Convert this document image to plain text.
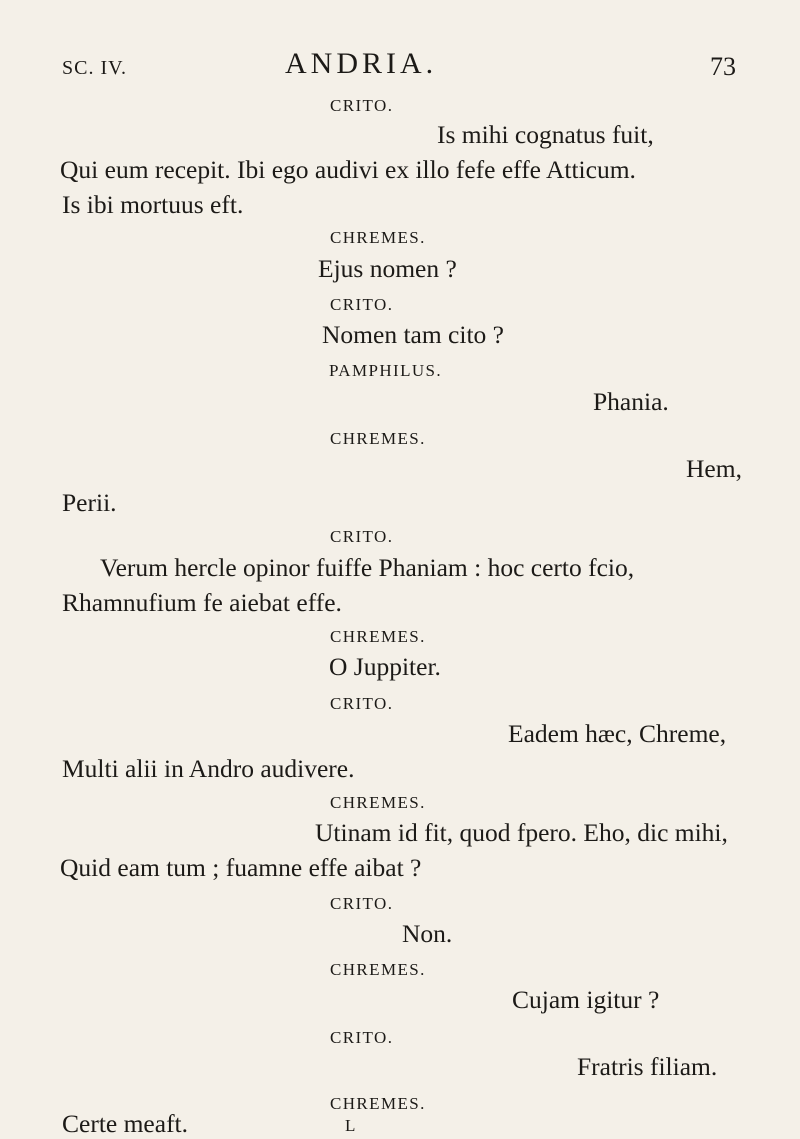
SC. IV.	ANDRIA.	73
CRITO.
Is mihi cognatus fuit,
Qui eum recepit. Ibi ego audivi ex illo fefe effe Atticum.
Is ibi mortuus eft.
CHREMES.
Ejus nomen ?
CRITO.
Nomen tam cito ?
PAMPHILUS.
Phania.
CHREMES.
Hem,
Perii.
CRITO.
Verum hercle opinor fuiffe Phaniam : hoc certo fcio,
Rhamnufium fe aiebat effe.
CHREMES.
O Juppiter.
CRITO.
Eadem hæc, Chreme,
Multi alii in Andro audivere.
CHREMES.
Utinam id fit, quod fpero. Eho, dic mihi,
Quid eam tum ; fuamne effe aibat ?
CRITO.
Non.
CHREMES.
Cujam igitur ?
CRITO.
Fratris filiam.
CHREMES.
Certe meaft.	L
